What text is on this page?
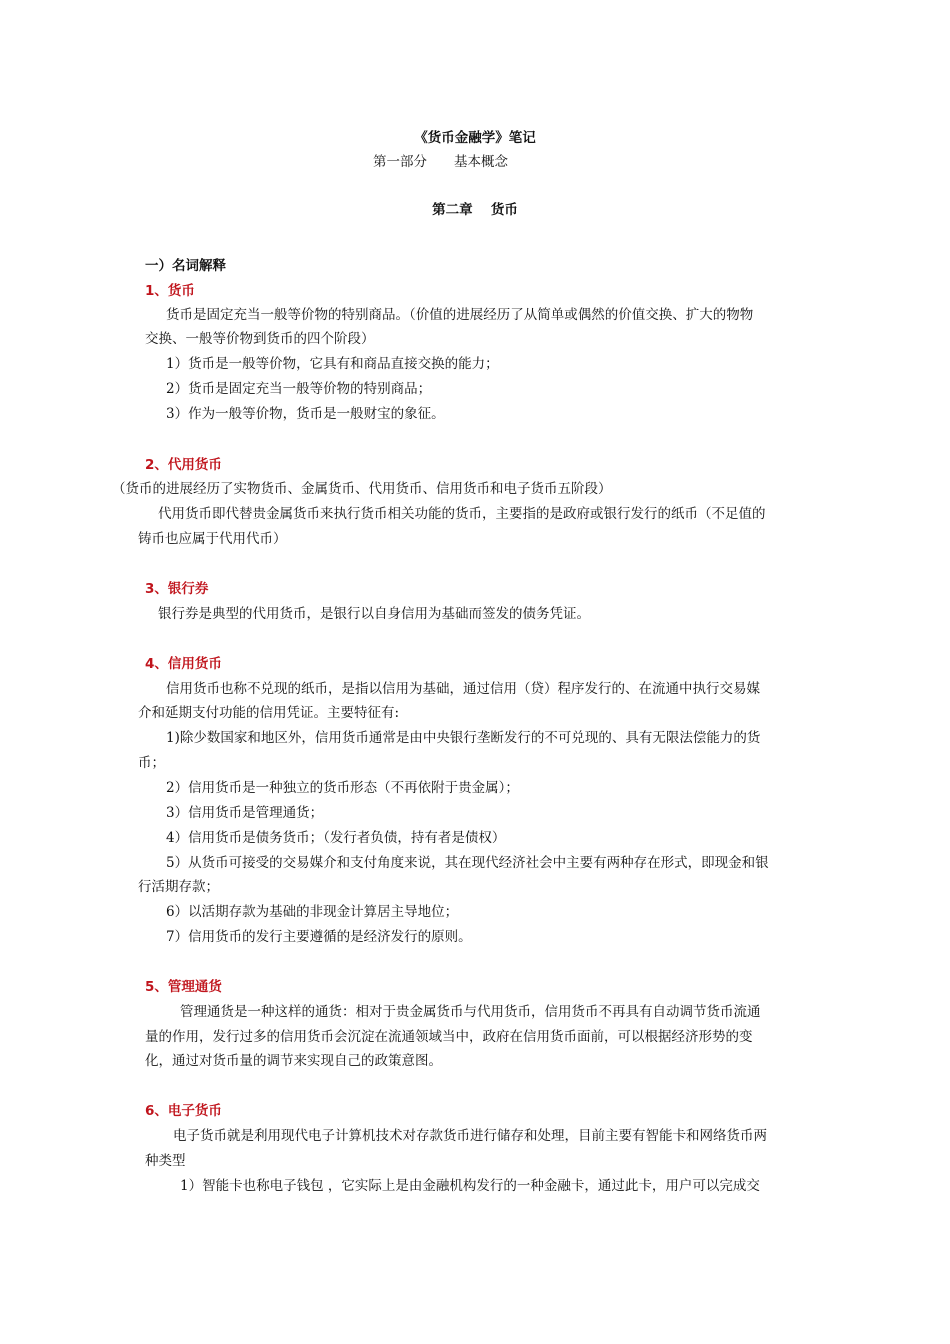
《货币金融学》笔记
第一部分　　基本概念
第二章　 货币
一）名词解释
1、货币
货币是固定充当一般等价物的特别商品。（价值的进展经历了从简单或偶然的价值交换、扩大的物物
交换、一般等价物到货币的四个阶段）
1）货币是一般等价物，它具有和商品直接交换的能力；
2）货币是固定充当一般等价物的特别商品；
3）作为一般等价物，货币是一般财宝的象征。
2、代用货币
（货币的进展经历了实物货币、金属货币、代用货币、信用货币和电子货币五阶段）
代用货币即代替贵金属货币来执行货币相关功能的货币，主要指的是政府或银行发行的纸币（不足值的
铸币也应属于代用代币）
3、银行券
银行券是典型的代用货币，是银行以自身信用为基础而签发的债务凭证。
4、信用货币
信用货币也称不兑现的纸币，是指以信用为基础，通过信用（贷）程序发行的、在流通中执行交易媒
介和延期支付功能的信用凭证。主要特征有:
1)除少数国家和地区外，信用货币通常是由中央银行垄断发行的不可兑现的、具有无限法偿能力的货
币；
2）信用货币是一种独立的货币形态（不再依附于贵金属）；
3）信用货币是管理通货；
4）信用货币是债务货币；（发行者负债，持有者是债权）
5）从货币可接受的交易媒介和支付角度来说，其在现代经济社会中主要有两种存在形式，即现金和银
行活期存款；
6）以活期存款为基础的非现金计算居主导地位；
7）信用货币的发行主要遵循的是经济发行的原则。
5、管理通货
管理通货是一种这样的通货：相对于贵金属货币与代用货币，信用货币不再具有自动调节货币流通
量的作用，发行过多的信用货币会沉淀在流通领域当中，政府在信用货币面前，可以根据经济形势的变
化，通过对货币量的调节来实现自己的政策意图。
6、电子货币
电子货币就是利用现代电子计算机技术对存款货币进行储存和处理，目前主要有智能卡和网络货币两
种类型
1）智能卡也称电子钱包 ，它实际上是由金融机构发行的一种金融卡，通过此卡，用户可以完成交
